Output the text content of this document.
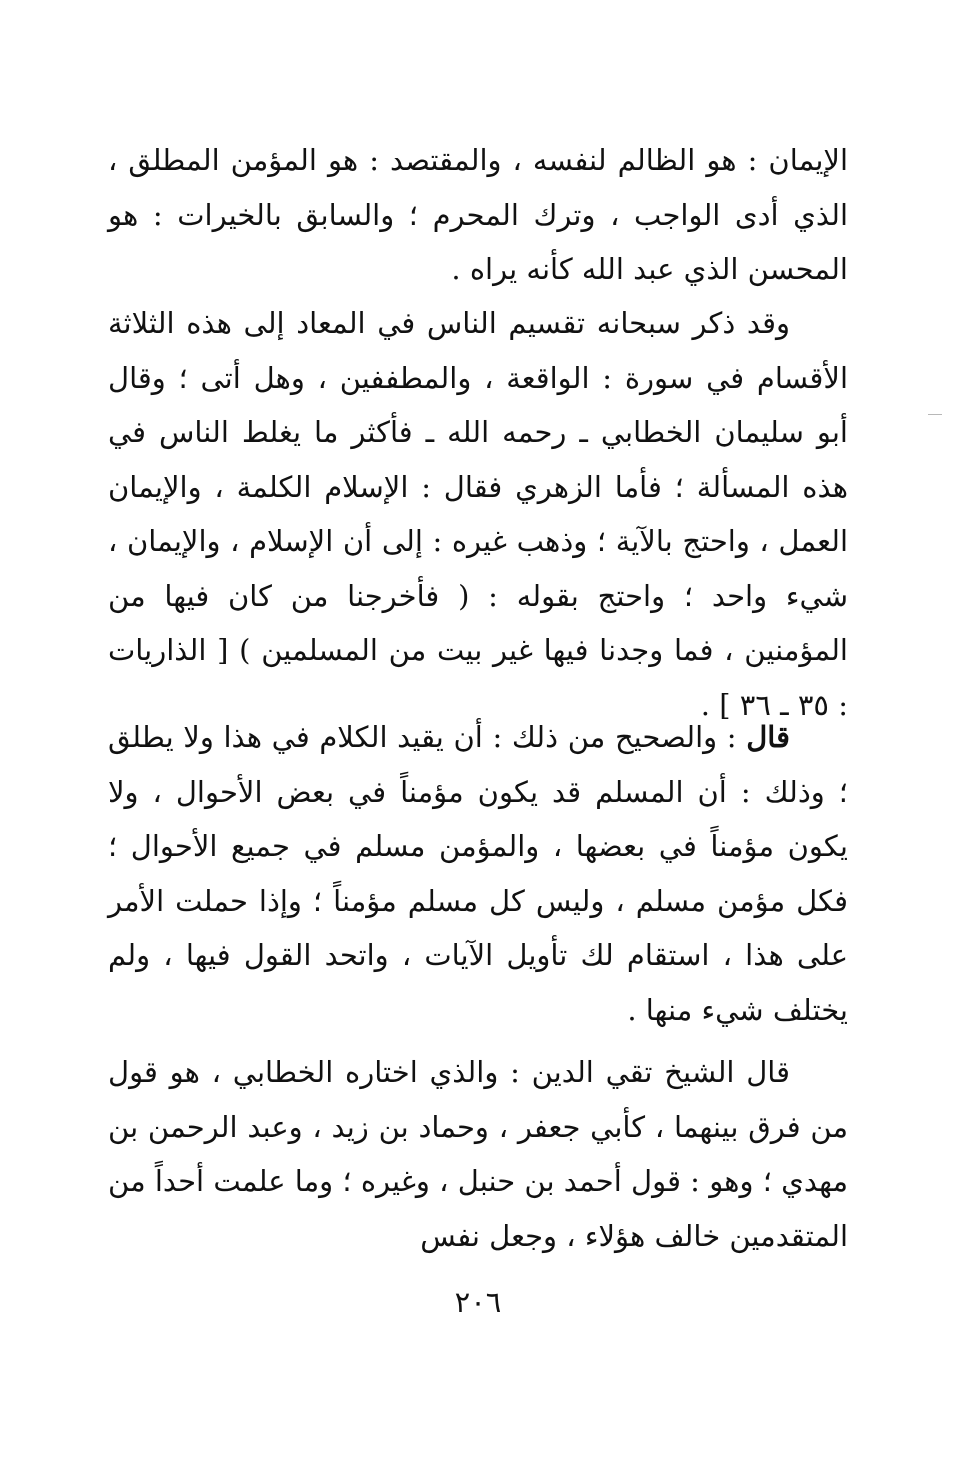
الإيمان : هو الظالم لنفسه ، والمقتصد : هو المؤمن المطلق ، الذي أدى الواجب ، وترك المحرم ؛ والسابق بالخيرات : هو المحسن الذي عبد الله كأنه يراه .

وقد ذكر سبحانه تقسيم الناس في المعاد إلى هذه الثلاثة الأقسام في سورة : الواقعة ، والمطففين ، وهل أتى ؛ وقال أبو سليمان الخطابي ـ رحمه الله ـ فأكثر ما يغلط الناس في هذه المسألة ؛ فأما الزهري فقال : الإسلام الكلمة ، والإيمان العمل ، واحتج بالآية ؛ وذهب غيره : إلى أن الإسلام ، والإيمان ، شيء واحد ؛ واحتج بقوله : ( فأخرجنا من كان فيها من المؤمنين ، فما وجدنا فيها غير بيت من المسلمين ) [ الذاريات : ٣٥ ـ ٣٦ ] .

قال : والصحيح من ذلك : أن يقيد الكلام في هذا ولا يطلق ؛ وذلك : أن المسلم قد يكون مؤمناً في بعض الأحوال ، ولا يكون مؤمناً في بعضها ، والمؤمن مسلم في جميع الأحوال ؛ فكل مؤمن مسلم ، وليس كل مسلم مؤمناً ؛ وإذا حملت الأمر على هذا ، استقام لك تأويل الآيات ، واتحد القول فيها ، ولم يختلف شيء منها .

قال الشيخ تقي الدين : والذي اختاره الخطابي ، هو قول من فرق بينهما ، كأبي جعفر ، وحماد بن زيد ، وعبد الرحمن بن مهدي ؛ وهو : قول أحمد بن حنبل ، وغيره ؛ وما علمت أحداً من المتقدمين خالف هؤلاء ، وجعل نفس

٢٠٦
